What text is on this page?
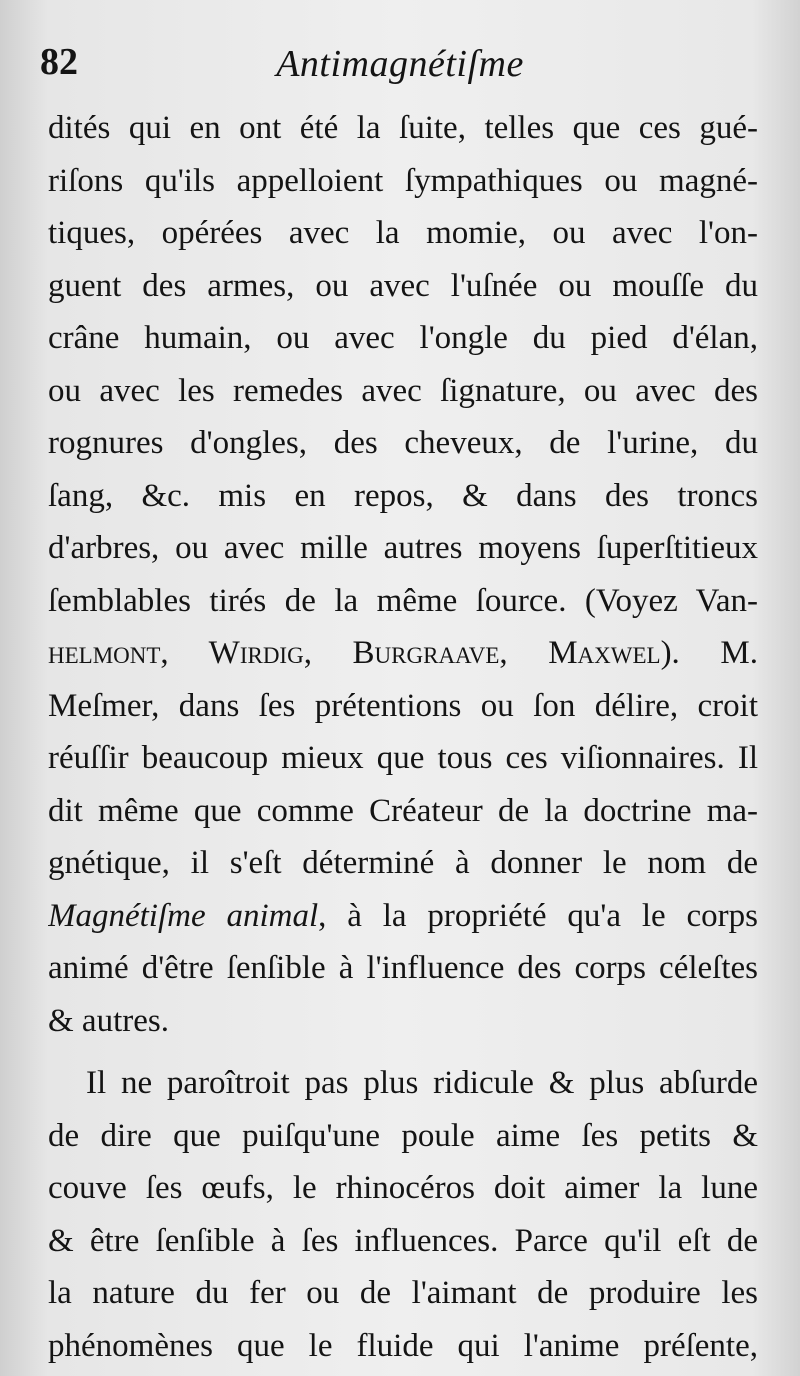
82	Antimagnétiſme
dités qui en ont été la ſuite, telles que ces gué-
riſons qu'ils appelloient ſympathiques ou magné-
tiques, opérées avec la momie, ou avec l'on-
guent des armes, ou avec l'uſnée ou mouſſe du
crâne humain, ou avec l'ongle du pied d'élan,
ou avec les remedes avec ſignature, ou avec des
rognures d'ongles, des cheveux, de l'urine, du
ſang, &c. mis en repos, & dans des troncs
d'arbres, ou avec mille autres moyens ſuperſtitieux
ſemblables tirés de la même ſource. (Voyez Van-
helmont, Wirdig, Burgraave, Maxwel). M.
Meſmer, dans ſes prétentions ou ſon délire, croit
réuſſir beaucoup mieux que tous ces viſionnaires. Il
dit même que comme Créateur de la doctrine ma-
gnétique, il s'eſt déterminé à donner le nom de
Magnétiſme animal, à la propriété qu'a le corps
animé d'être ſenſible à l'influence des corps céleſtes
& autres.
Il ne paroîtroit pas plus ridicule & plus abſurde
de dire que puiſqu'une poule aime ſes petits &
couve ſes œufs, le rhinocéros doit aimer la lune
& être ſenſible à ſes influences. Parce qu'il eſt de
la nature du fer ou de l'aimant de produire les
phénomènes que le fluide qui l'anime préſente,
